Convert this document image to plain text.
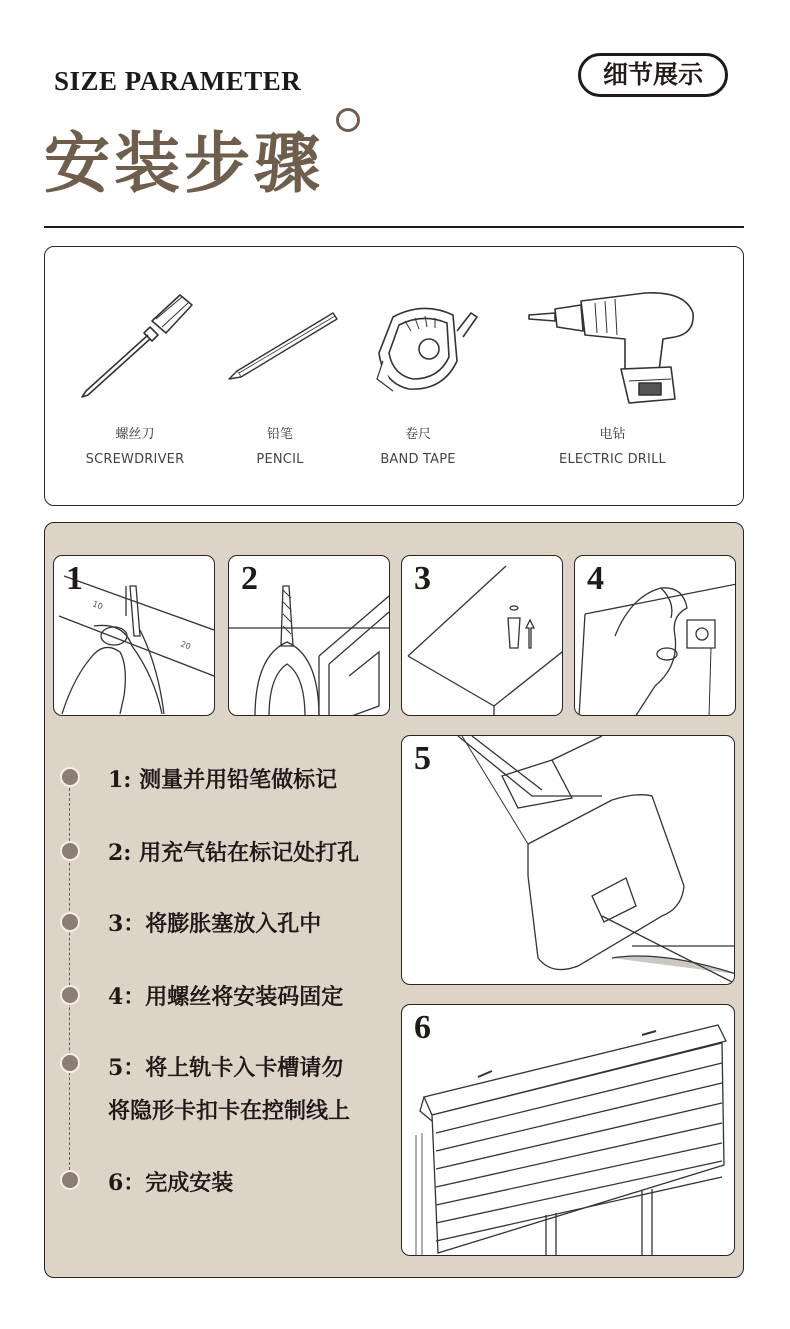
SIZE PARAMETER
安装步骤
细节展示
螺丝刀
SCREWDRIVER
铅笔
PENCIL
卷尺
BAND TAPE
电钻
ELECTRIC DRILL
10
20
1	2	3	4
5
6
1: 测量并用铅笔做标记
2: 用充气钻在标记处打孔
3：将膨胀塞放入孔中
4：用螺丝将安装码固定
5：将上轨卡入卡槽请勿
将隐形卡扣卡在控制线上
6：完成安装
